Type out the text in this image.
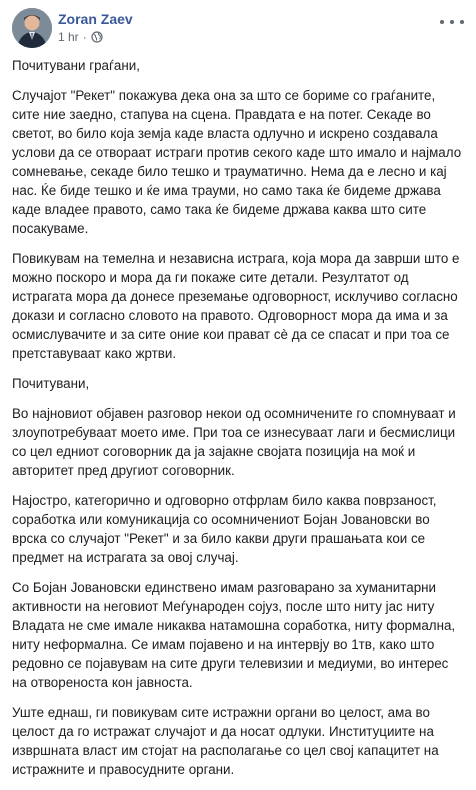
Zoran Zaev
1 hr ·

Почитувани граѓани,

Случајот "Рекет" покажува дека она за што се бориме со граѓаните, сите ние заедно, стапува на сцена. Правдата е на потег. Секаде во светот, во било која земја каде власта одлучно и искрено создавала услови да се отвораат истраги против секого каде што имало и најмало сомневање, секаде било тешко и трауматично. Нема да е лесно и кај нас. Ќе биде тешко и ќе има трауми, но само така ќе бидеме држава каде владее правото, само така ќе бидеме држава каква што сите посакуваме.

Повикувам на темелна и независна истрага, која мора да заврши што е можно поскоро и мора да ги покаже сите детали. Резултатот од истрагата мора да донесе преземање одговорност, исклучиво согласно докази и согласно словото на правото. Одговорност мора да има и за осмислувачите и за сите оние кои прават сè да се спасат и при тоа се претставуваат како жртви.

Почитувани,

Во најновиот објавен разговор некои од осомничените го спомнуваат и злоупотребуваат моето име. При тоа се изнесуваат лаги и бесмислици со цел едниот соговорник да ја зајакне својата позиција на моќ и авторитет пред другиот соговорник.

Најостро, категорично и одговорно отфрлам било каква поврзаност, соработка или комуникација со осомничениот Бојан Јовановски во врска со случајот "Рекет" и за било какви други прашањата кои се предмет на истрагата за овој случај.

Со Бојан Јовановски единствено имам разговарано за хуманитарни активности на неговиот Меѓународен сојуз, после што ниту јас ниту Владата не сме имале никаква натамошна соработка, ниту формална, ниту неформална. Се имам појавено и на интервју во 1тв, како што редовно се појавувам на сите други телевизии и медиуми, во интерес на отвореноста кон јавноста.

Уште еднаш, ги повикувам сите истражни органи во целост, ама во целост да го истражат случајот и да носат одлуки. Институциите на извршната власт им стојат на располагање со цел свој капацитет на истражните и правосудните органи.
